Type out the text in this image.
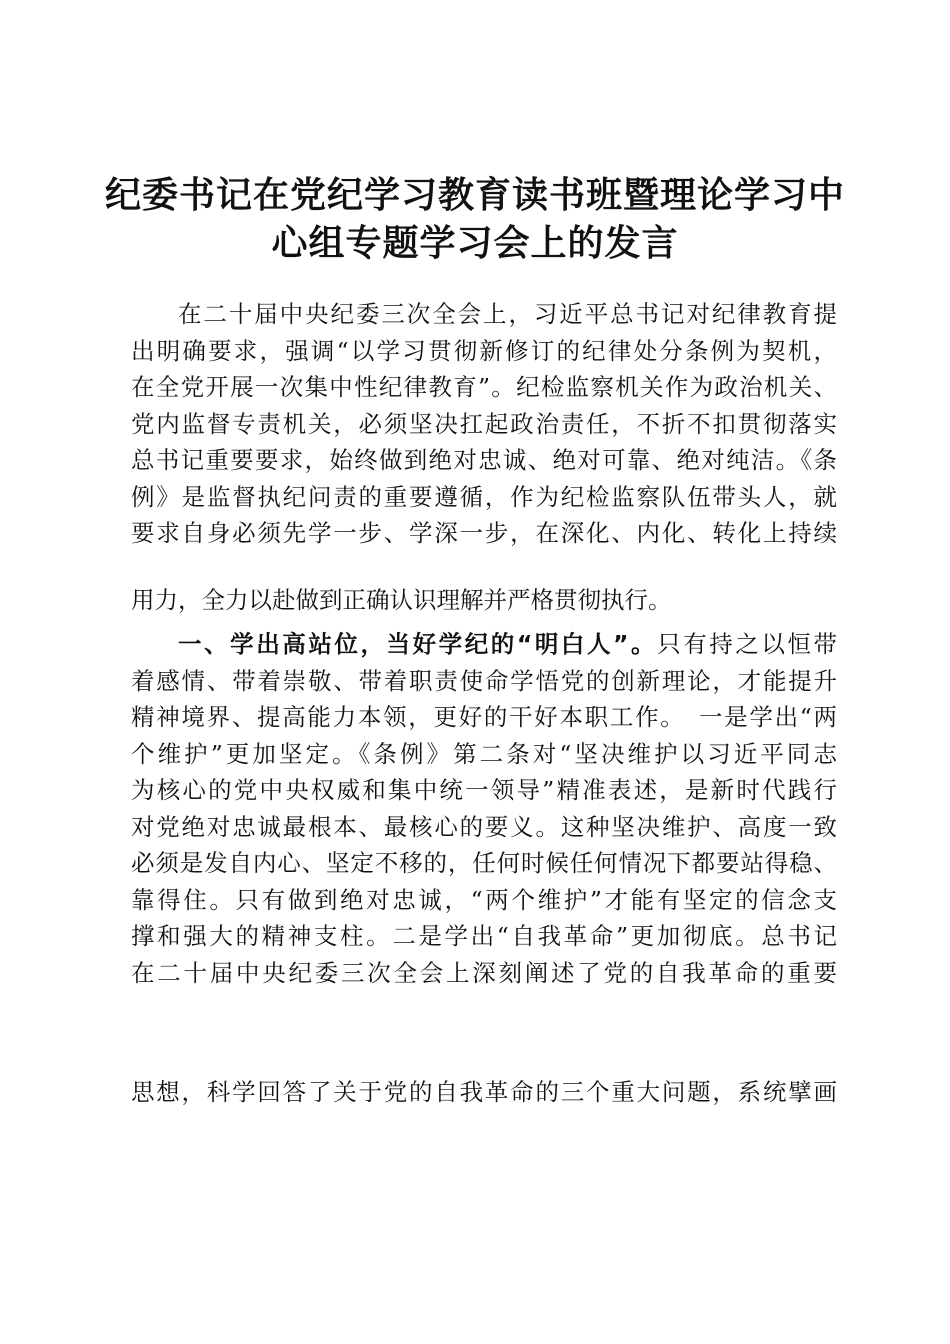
纪委书记在党纪学习教育读书班暨理论学习中
心组专题学习会上的发言
在二十届中央纪委三次全会上，习近平总书记对纪律教育提
出明确要求，强调“以学习贯彻新修订的纪律处分条例为契机，
在全党开展一次集中性纪律教育”。纪检监察机关作为政治机关、
党内监督专责机关，必须坚决扛起政治责任，不折不扣贯彻落实
总书记重要要求，始终做到绝对忠诚、绝对可靠、绝对纯洁。《条
例》是监督执纪问责的重要遵循，作为纪检监察队伍带头人，就
要求自身必须先学一步、学深一步，在深化、内化、转化上持续
用力，全力以赴做到正确认识理解并严格贯彻执行。
一、学出高站位，当好学纪的“明白人”。只有持之以恒带
着感情、带着崇敬、带着职责使命学悟党的创新理论，才能提升
精神境界、提高能力本领，更好的干好本职工作。　一是学出“两
个维护”更加坚定。《条例》第二条对“坚决维护以习近平同志
为核心的党中央权威和集中统一领导”精准表述，是新时代践行
对党绝对忠诚最根本、最核心的要义。这种坚决维护、高度一致
必须是发自内心、坚定不移的，任何时候任何情况下都要站得稳、
靠得住。只有做到绝对忠诚，“两个维护”才能有坚定的信念支
撑和强大的精神支柱。二是学出“自我革命”更加彻底。总书记
在二十届中央纪委三次全会上深刻阐述了党的自我革命的重要
思想，科学回答了关于党的自我革命的三个重大问题，系统擘画
